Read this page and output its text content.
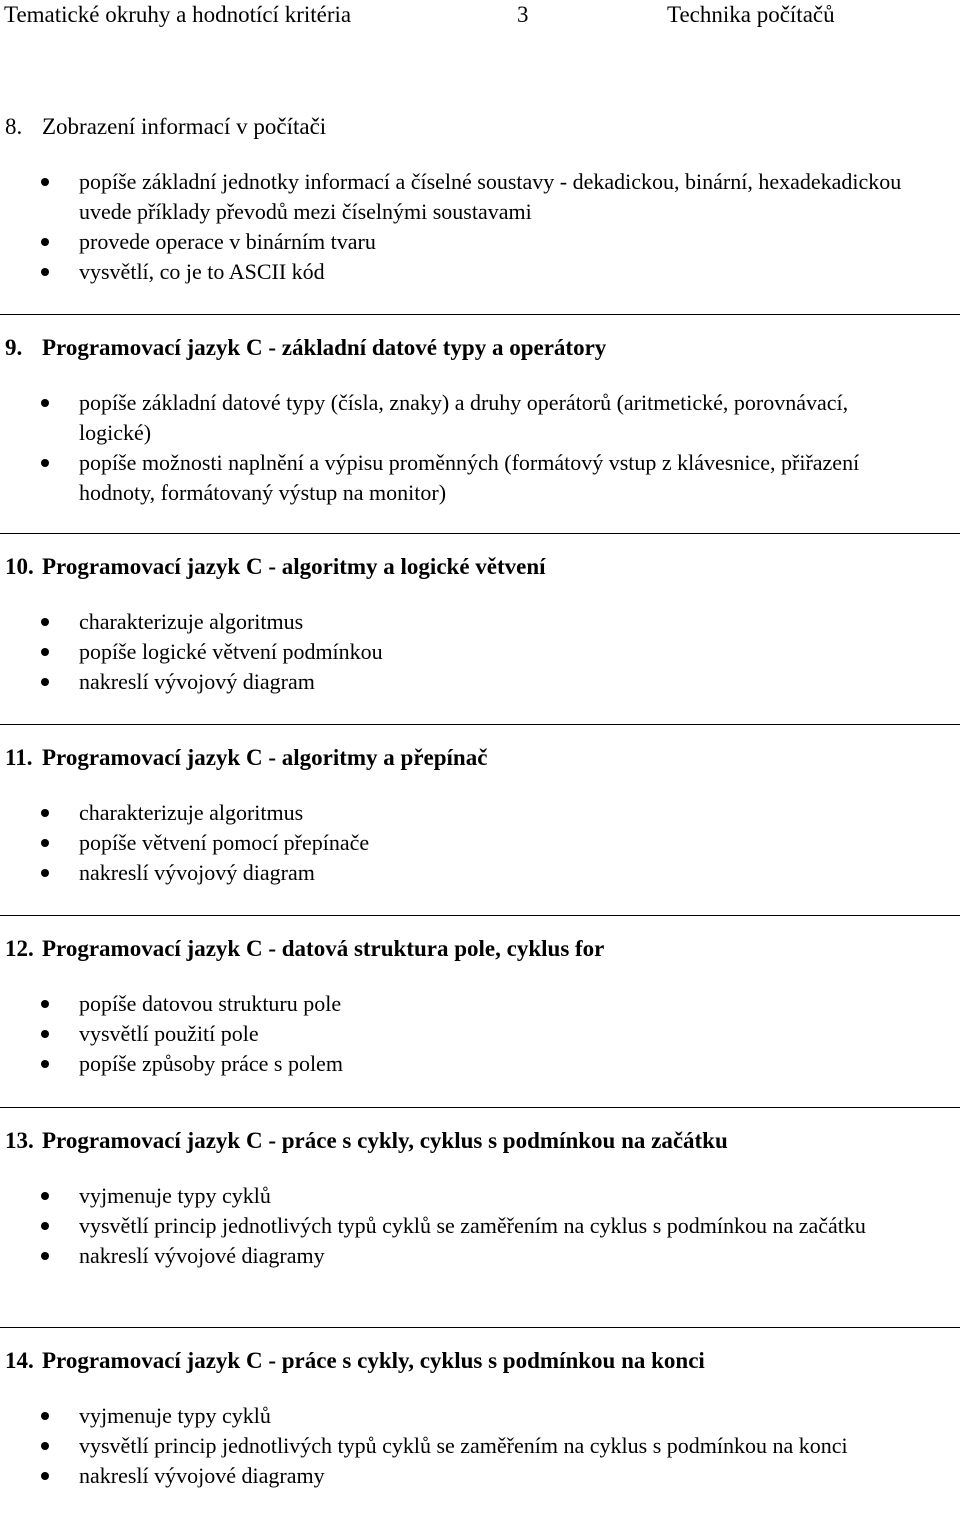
Tematické okruhy a hodnotící kritéria	3	Technika počítačů
8. Zobrazení informací v počítači
popíše základní jednotky informací a číselné soustavy - dekadickou, binární, hexadekadickou uvede příklady převodů mezi číselnými soustavami
provede operace v binárním tvaru
vysvětlí, co je to ASCII kód
9. Programovací jazyk C - základní datové typy a operátory
popíše základní datové typy (čísla, znaky) a druhy operátorů (aritmetické, porovnávací, logické)
popíše možnosti naplnění a výpisu proměnných (formátový vstup z klávesnice, přiřazení hodnoty, formátovaný výstup na monitor)
10. Programovací jazyk C - algoritmy a logické větvení
charakterizuje algoritmus
popíše logické větvení podmínkou
nakreslí vývojový diagram
11. Programovací jazyk C - algoritmy a přepínač
charakterizuje algoritmus
popíše větvení pomocí přepínače
nakreslí vývojový diagram
12. Programovací jazyk C - datová struktura pole, cyklus for
popíše datovou strukturu pole
vysvětlí použití pole
popíše způsoby práce s polem
13. Programovací jazyk C - práce s cykly, cyklus s podmínkou na začátku
vyjmenuje typy cyklů
vysvětlí princip jednotlivých typů cyklů se zaměřením na cyklus s podmínkou na začátku
nakreslí vývojové diagramy
14. Programovací jazyk C - práce s cykly, cyklus s podmínkou na konci
vyjmenuje typy cyklů
vysvětlí princip jednotlivých typů cyklů se zaměřením na cyklus s podmínkou na konci
nakreslí vývojové diagramy
